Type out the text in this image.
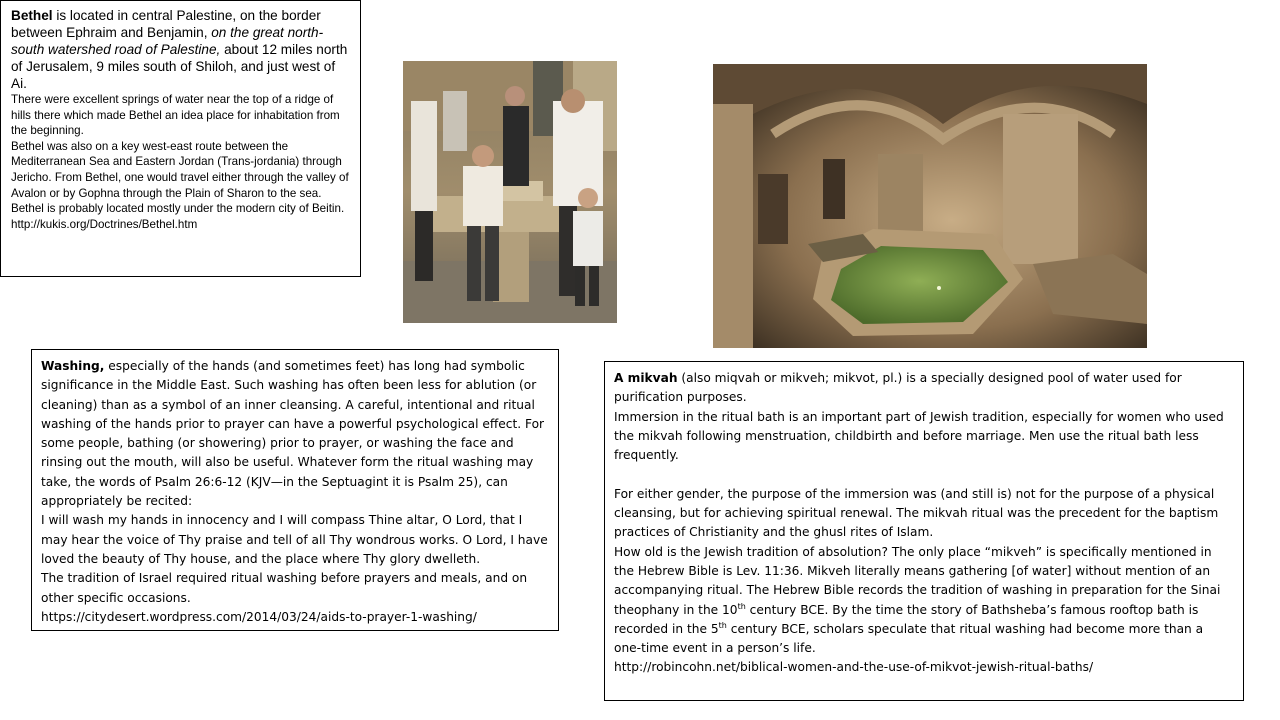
Bethel is located in central Palestine, on the border between Ephraim and Benjamin, on the great north-south watershed road of Palestine, about 12 miles north of Jerusalem, 9 miles south of Shiloh, and just west of Ai.

There were excellent springs of water near the top of a ridge of hills there which made Bethel an idea place for inhabitation from the beginning.

Bethel was also on a key west-east route between the Mediterranean Sea and Eastern Jordan (Trans-jordania) through Jericho. From Bethel, one would travel either through the valley of Avalon or by Gophna through the Plain of Sharon to the sea.

Bethel is probably located mostly under the modern city of Beitin. http://kukis.org/Doctrines/Bethel.htm

Washing, especially of the hands (and sometimes feet) has long had symbolic significance in the Middle East. Such washing has often been less for ablution (or cleaning) than as a symbol of an inner cleansing. A careful, intentional and ritual washing of the hands prior to prayer can have a powerful psychological effect. For some people, bathing (or showering) prior to prayer, or washing the face and rinsing out the mouth, will also be useful. Whatever form the ritual washing may take, the words of Psalm 26:6-12 (KJV—in the Septuagint it is Psalm 25), can appropriately be recited:

I will wash my hands in innocency and I will compass Thine altar, O Lord, that I may hear the voice of Thy praise and tell of all Thy wondrous works. O Lord, I have loved the beauty of Thy house, and the place where Thy glory dwelleth.

The tradition of Israel required ritual washing before prayers and meals, and on other specific occasions.

https://citydesert.wordpress.com/2014/03/24/aids-to-prayer-1-washing/

A mikvah (also miqvah or mikveh; mikvot, pl.) is a specially designed pool of water used for purification purposes.

Immersion in the ritual bath is an important part of Jewish tradition, especially for women who used the mikvah following menstruation, childbirth and before marriage. Men use the ritual bath less frequently.

For either gender, the purpose of the immersion was (and still is) not for the purpose of a physical cleansing, but for achieving spiritual renewal. The mikvah ritual was the precedent for the baptism practices of Christianity and the ghusl rites of Islam.

How old is the Jewish tradition of absolution? The only place “mikveh” is specifically mentioned in the Hebrew Bible is Lev. 11:36. Mikveh literally means gathering [of water] without mention of an accompanying ritual. The Hebrew Bible records the tradition of washing in preparation for the Sinai theophany in the 10th century BCE. By the time the story of Bathsheba’s famous rooftop bath is recorded in the 5th century BCE, scholars speculate that ritual washing had become more than a one-time event in a person’s life.

http://robincohn.net/biblical-women-and-the-use-of-mikvot-jewish-ritual-baths/
